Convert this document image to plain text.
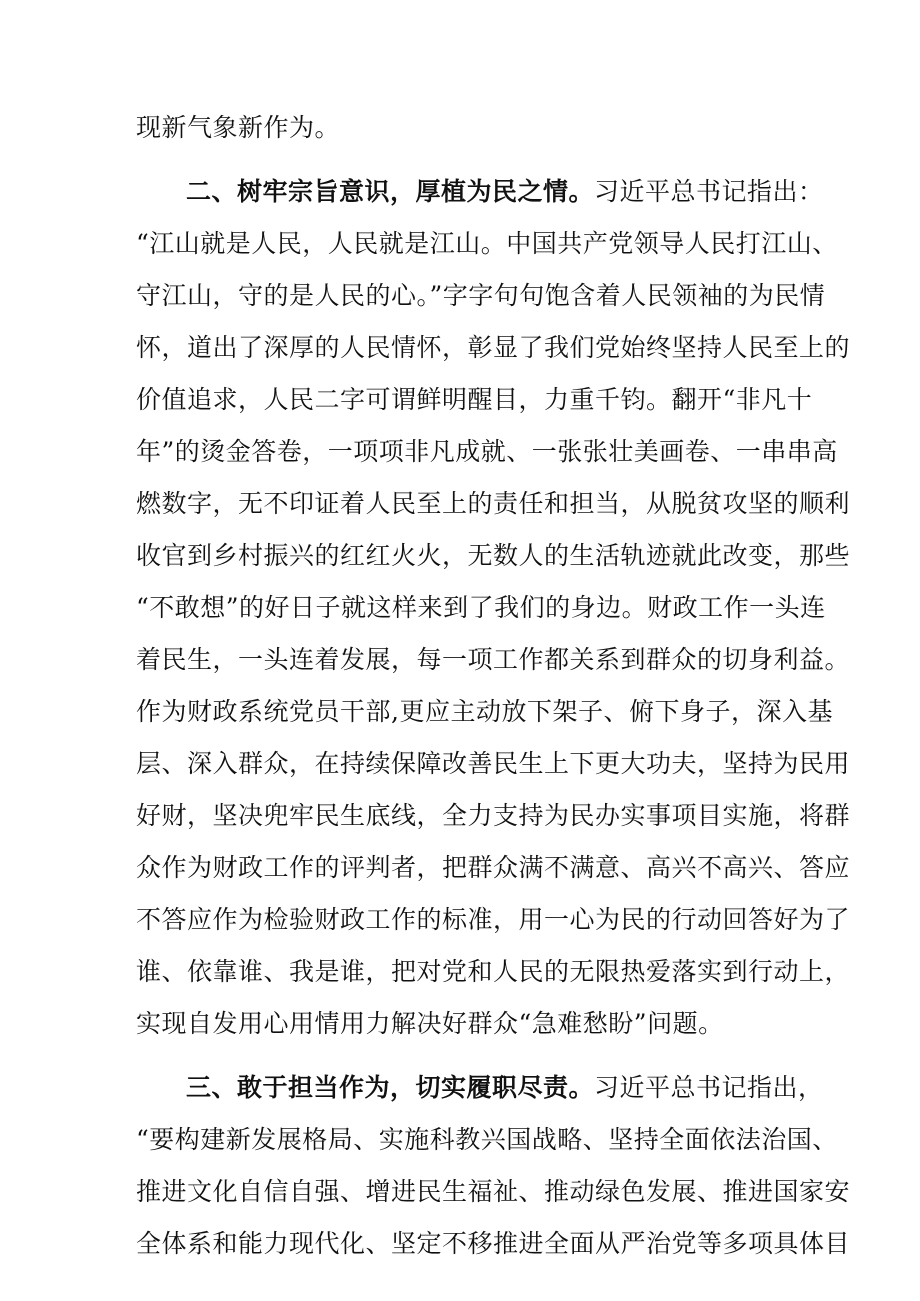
现新气象新作为。
二、树牢宗旨意识，厚植为民之情。习近平总书记指出：
“江山就是人民，人民就是江山。中国共产党领导人民打江山、
守江山，守的是人民的心。”字字句句饱含着人民领袖的为民情
怀，道出了深厚的人民情怀，彰显了我们党始终坚持人民至上的
价值追求，人民二字可谓鲜明醒目，力重千钧。翻开“非凡十
年”的烫金答卷，一项项非凡成就、一张张壮美画卷、一串串高
燃数字，无不印证着人民至上的责任和担当，从脱贫攻坚的顺利
收官到乡村振兴的红红火火，无数人的生活轨迹就此改变，那些
“不敢想”的好日子就这样来到了我们的身边。财政工作一头连
着民生，一头连着发展，每一项工作都关系到群众的切身利益。
作为财政系统党员干部,更应主动放下架子、俯下身子，深入基
层、深入群众，在持续保障改善民生上下更大功夫，坚持为民用
好财，坚决兜牢民生底线，全力支持为民办实事项目实施，将群
众作为财政工作的评判者，把群众满不满意、高兴不高兴、答应
不答应作为检验财政工作的标准，用一心为民的行动回答好为了
谁、依靠谁、我是谁，把对党和人民的无限热爱落实到行动上，
实现自发用心用情用力解决好群众“急难愁盼”问题。
三、敢于担当作为，切实履职尽责。习近平总书记指出，
“要构建新发展格局、实施科教兴国战略、坚持全面依法治国、
推进文化自信自强、增进民生福祉、推动绿色发展、推进国家安
全体系和能力现代化、坚定不移推进全面从严治党等多项具体目
